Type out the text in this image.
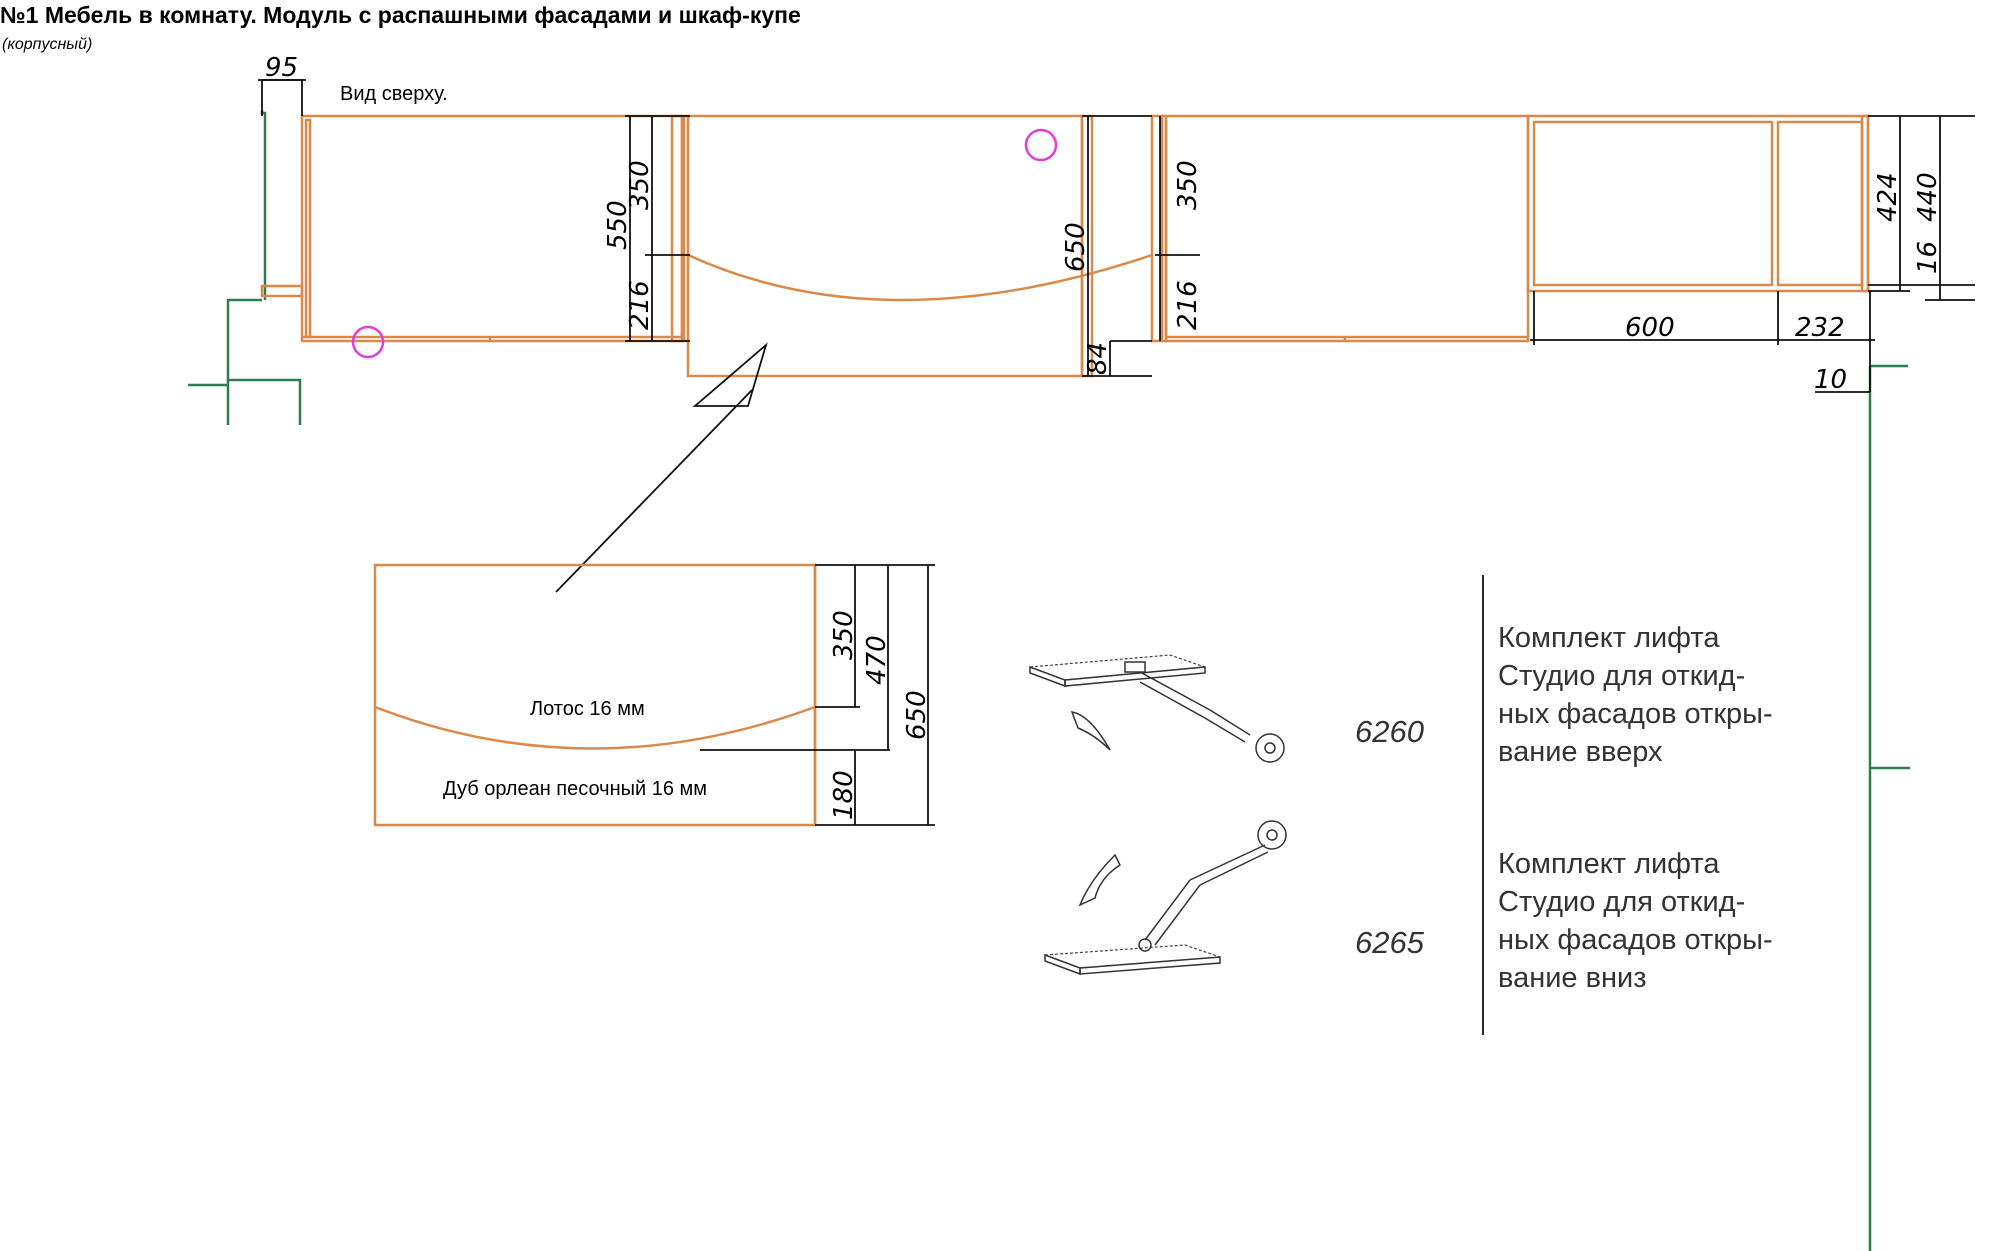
№1 Мебель в комнату. Модуль с распашными фасадами и шкаф-купе
(корпусный)
Вид сверху.
95
550
350
216
650
84
350
216
424 440
16
600	232
10
Лотос 16 мм
Дуб орлеан песочный 16 мм
350
470
650
180
6260
6265
Комплект лифта
Студио для откид-
ных фасадов откры-
вание вверх
Комплект лифта
Студио для откид-
ных фасадов откры-
вание вниз
